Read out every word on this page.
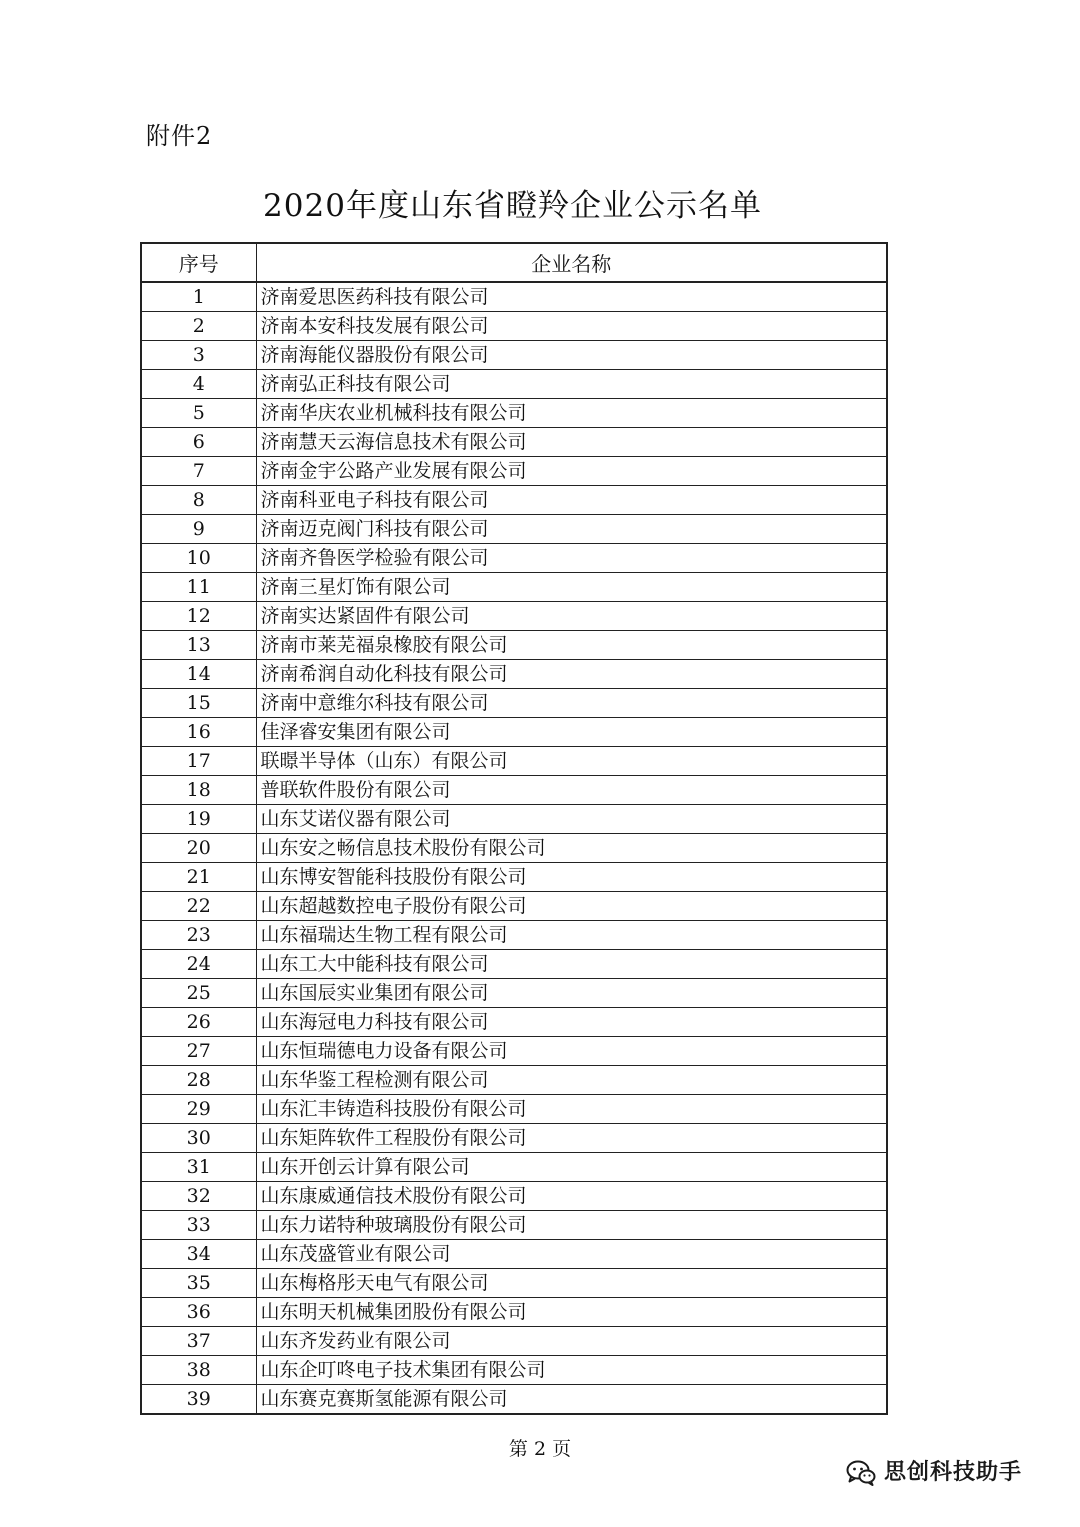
附件2
2020年度山东省瞪羚企业公示名单
序号	企业名称
1	济南爱思医药科技有限公司
2	济南本安科技发展有限公司
3	济南海能仪器股份有限公司
4	济南弘正科技有限公司
5	济南华庆农业机械科技有限公司
6	济南慧天云海信息技术有限公司
7	济南金宇公路产业发展有限公司
8	济南科亚电子科技有限公司
9	济南迈克阀门科技有限公司
10	济南齐鲁医学检验有限公司
11	济南三星灯饰有限公司
12	济南实达紧固件有限公司
13	济南市莱芜福泉橡胶有限公司
14	济南希润自动化科技有限公司
15	济南中意维尔科技有限公司
16	佳泽睿安集团有限公司
17	联暻半导体（山东）有限公司
18	普联软件股份有限公司
19	山东艾诺仪器有限公司
20	山东安之畅信息技术股份有限公司
21	山东博安智能科技股份有限公司
22	山东超越数控电子股份有限公司
23	山东福瑞达生物工程有限公司
24	山东工大中能科技有限公司
25	山东国辰实业集团有限公司
26	山东海冠电力科技有限公司
27	山东恒瑞德电力设备有限公司
28	山东华鉴工程检测有限公司
29	山东汇丰铸造科技股份有限公司
30	山东矩阵软件工程股份有限公司
31	山东开创云计算有限公司
32	山东康威通信技术股份有限公司
33	山东力诺特种玻璃股份有限公司
34	山东茂盛管业有限公司
35	山东梅格彤天电气有限公司
36	山东明天机械集团股份有限公司
37	山东齐发药业有限公司
38	山东企叮咚电子技术集团有限公司
39	山东赛克赛斯氢能源有限公司
第 2 页
思创科技助手
